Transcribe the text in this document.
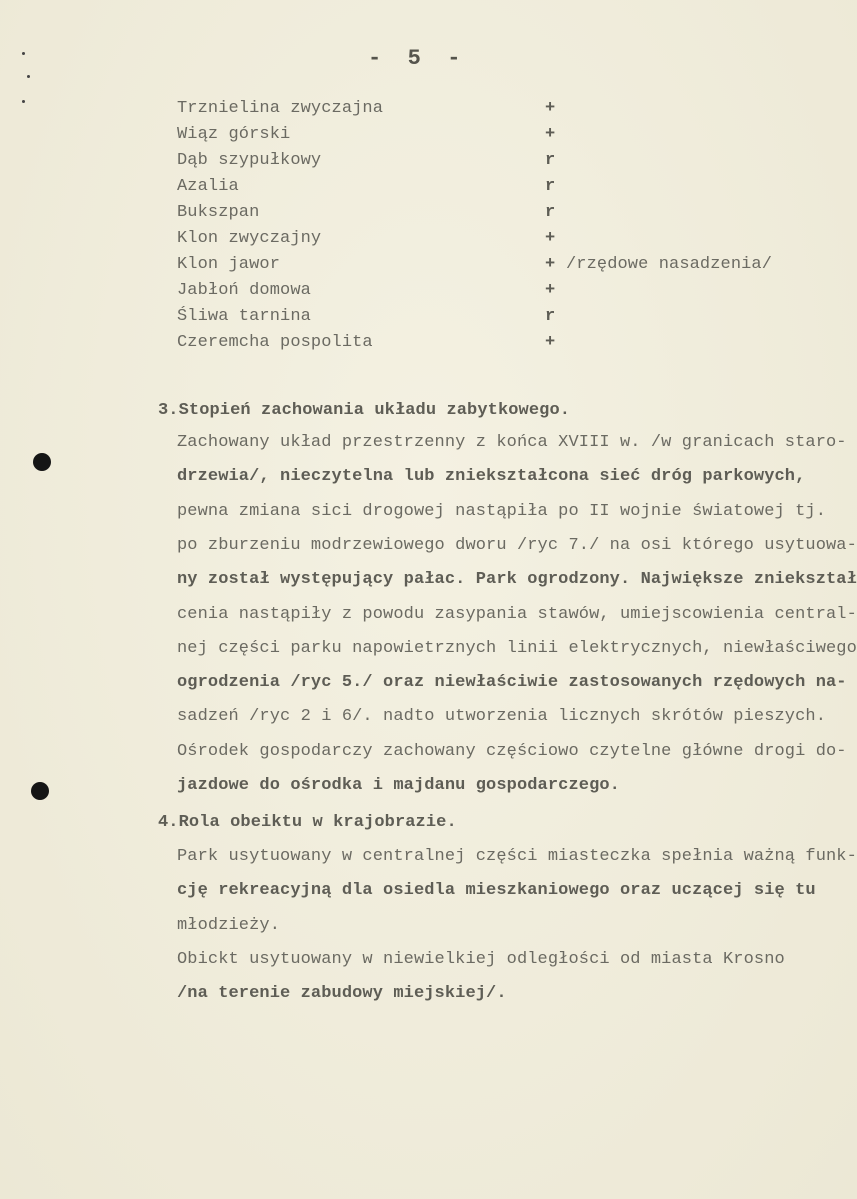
-  5  -
Trznielina zwyczajna	+
Wiąz górski	+
Dąb szypułkowy	r
Azalia	r
Bukszpan	r
Klon zwyczajny	+
Klon jawor	+ /rzędowe nasadzenia/
Jabłoń domowa	+
Śliwa tarnina	r
Czeremcha pospolita	+
3.Stopień zachowania układu zabytkowego.
Zachowany układ przestrzenny z końca XVIII w. /w granicach staro-
drzewia/, nieczytelna lub zniekształcona sieć dróg parkowych,
pewna zmiana sici drogowej nastąpiła po II wojnie światowej tj.
po zburzeniu modrzewiowego dworu /ryc 7./ na osi którego usytuowa-
ny został występujący pałac. Park ogrodzony. Największe zniekształ
cenia nastąpiły z powodu zasypania stawów, umiejscowienia central-
nej części parku napowietrznych linii elektrycznych, niewłaściwego
ogrodzenia /ryc 5./ oraz niewłaściwie zastosowanych rzędowych na-
sadzeń /ryc 2 i 6/. nadto utworzenia licznych skrótów pieszych.
Ośrodek gospodarczy zachowany częściowo czytelne główne drogi do-
jazdowe do ośrodka i majdanu gospodarczego.
4.Rola obeiktu w krajobrazie.
Park usytuowany w centralnej części miasteczka spełnia ważną funk-
cję rekreacyjną dla osiedla mieszkaniowego oraz uczącej się tu
młodzieży.
Obickt usytuowany w niewielkiej odległości od miasta Krosno
/na terenie zabudowy miejskiej/.
